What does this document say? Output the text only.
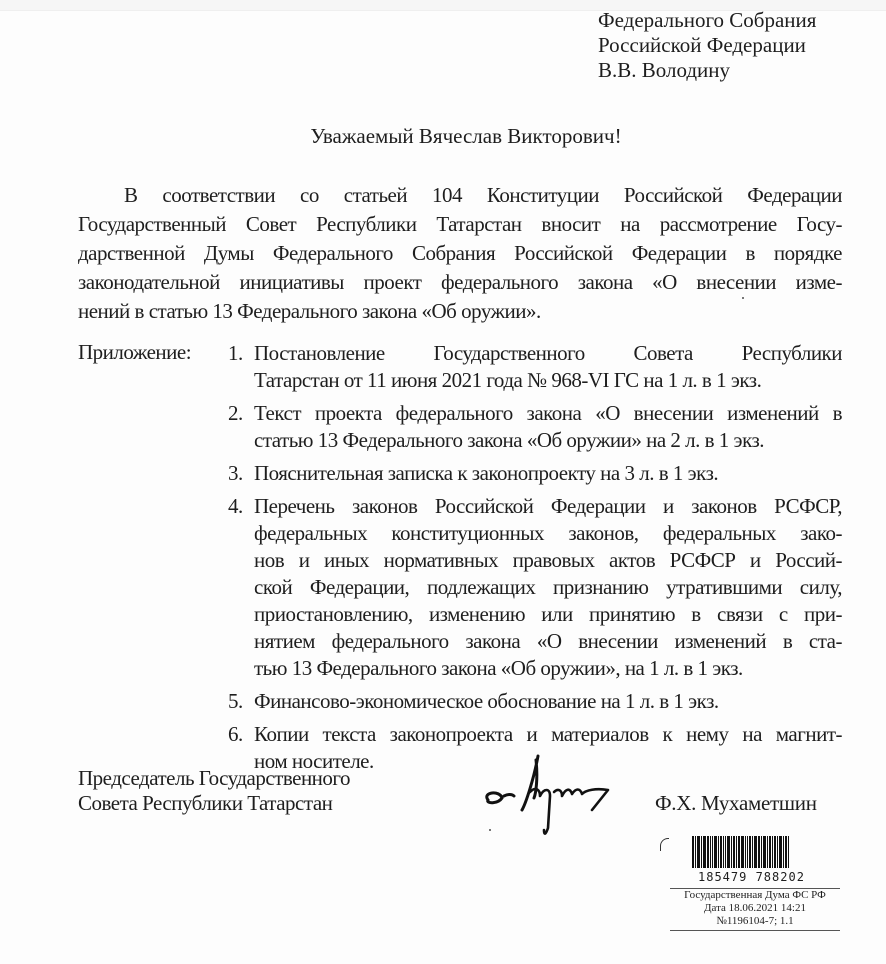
Федерального Собрания
Российской Федерации
В.В. Володину
Уважаемый Вячеслав Викторович!
В соответствии со статьей 104 Конституции Российской Федерации
Государственный Совет Республики Татарстан вносит на рассмотрение Госу-
дарственной Думы Федерального Собрания Российской Федерации в порядке
законодательной инициативы проект федерального закона «О внесении изме-
нений в статью 13 Федерального закона «Об оружии».
Приложение: 1. Постановление Государственного Совета Республики
Татарстан от 11 июня 2021 года № 968-VI ГС на 1 л. в 1 экз.
2. Текст проекта федерального закона «О внесении изменений в
статью 13 Федерального закона «Об оружии» на 2 л. в 1 экз.
3. Пояснительная записка к законопроекту на 3 л. в 1 экз.
4. Перечень законов Российской Федерации и законов РСФСР,
федеральных конституционных законов, федеральных зако-
нов и иных нормативных правовых актов РСФСР и Россий-
ской Федерации, подлежащих признанию утратившими силу,
приостановлению, изменению или принятию в связи с при-
нятием федерального закона «О внесении изменений в ста-
тью 13 Федерального закона «Об оружии», на 1 л. в 1 экз.
5. Финансово-экономическое обоснование на 1 л. в 1 экз.
6. Копии текста законопроекта и материалов к нему на магнит-
ном носителе.
Председатель Государственного
Совета Республики Татарстан	Ф.Х. Мухаметшин
185479 788202
Государственная Дума ФС РФ
Дата 18.06.2021 14:21
№1196104-7; 1.1
